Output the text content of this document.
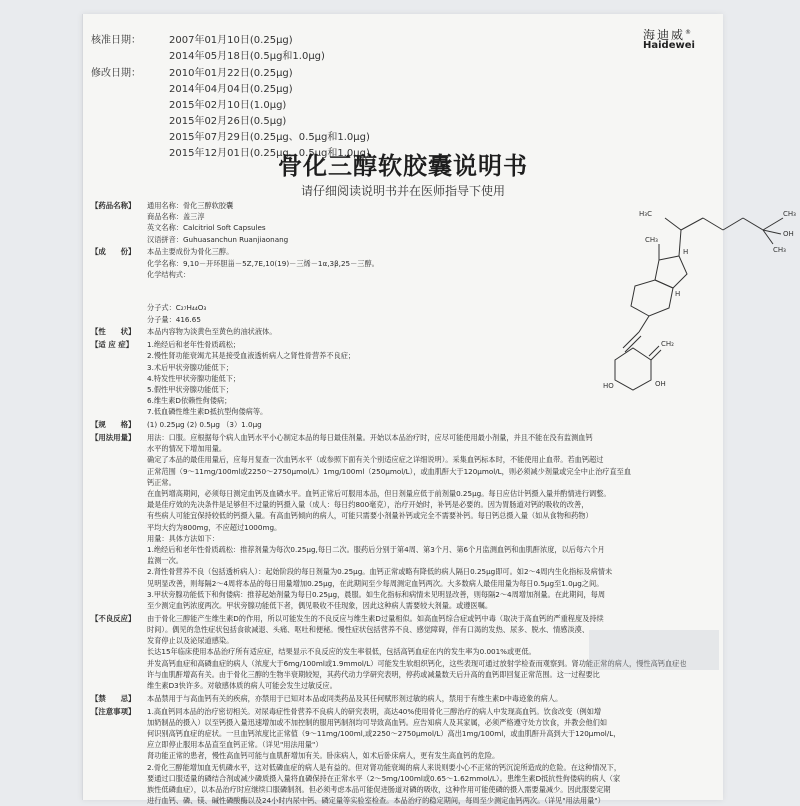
核准日期：	2007年01月10日(0.25μg)
2014年05月18日(0.5μg和1.0μg)
修改日期：	2010年01月22日(0.25μg)
2014年04月04日(0.25μg)
2015年02月10日(1.0μg)
2015年02月26日(0.5μg)
2015年07月29日(0.25μg、0.5μg和1.0μg)
2015年12月01日(0.25μg、0.5μg和1.0μg)
海迪威®
Haidewei
骨化三醇软胶囊说明书
请仔细阅读说明书并在医师指导下使用
【药品名称】	通用名称：骨化三醇软胶囊
商品名称：盖三淳
英文名称：Calcitriol Soft Capsules
汉语拼音：Guhuasanchun Ruanjiaonang
【成　　份】	本品主要成份为骨化三醇。
化学名称：9,10－开环胆甾－5Z,7E,10(19)－三烯－1α,3β,25－三醇。
化学结构式：
分子式：C₂₇H₄₄O₃
分子量：416.65
【性　　状】	本品内容物为淡黄色至黄色的油状液体。
【适 应 症】	1.绝经后和老年性骨质疏松；
2.慢性肾功能衰竭尤其是接受血液透析病人之肾性骨营养不良症；
3.术后甲状旁腺功能低下；
4.特发性甲状旁腺功能低下；
5.假性甲状旁腺功能低下；
6.维生素D依赖性佝偻病；
7.低血磷性维生素D抵抗型佝偻病等。
【规　　格】	(1) 0.25μg (2) 0.5μg （3）1.0μg
【用法用量】	用法：口服。应根据每个病人血钙水平小心制定本品的每日最佳剂量。开始以本品治疗时，应尽可能使用最小剂量，并且不能在没有监测血钙
水平的情况下增加用量。
确定了本品的最佳用量后，应每月复查一次血钙水平（或参照下面有关个别适应症之详细说明）。采集血钙标本时，不能使用止血带。若血钙超过
正常范围（9～11mg/100ml或2250～2750μmol/L）1mg/100ml（250μmol/L），或血肌酐大于120μmol/L，则必须减少剂量或完全中止治疗直至血
钙正常。
在血钙增高期间，必须每日测定血钙及血磷水平。血钙正常后可服用本品，但日剂量应低于前剂量0.25μg。每日应估计钙摄入量并酌情进行调整。
最是佳疗效的先决条件是足够但不过量的钙摄入量（成人：每日约800毫克），治疗开始时，补钙是必要的。因为胃肠道对钙的吸收的改善，
有些病人可能宜保持较低的钙摄入量。有高血钙倾向的病人，可能只需要小剂量补钙或完全不需要补钙。每日钙总摄入量（如从食物和药物）
平均大约为800mg，不应超过1000mg。
用量：具体方法如下：
1.绝经后和老年性骨质疏松：推荐剂量为每次0.25μg,每日二次。服药后分别于第4周、第3个月、第6个月监测血钙和血肌酐浓度，以后每六个月
监测一次。
2.肾性骨营养不良（包括透析病人）：起始阶段的每日剂量为0.25μg。血钙正常或略有降低的病人隔日0.25μg即可。如2～4周内生化指标及病情未
见明显改善，则每隔2～4周将本品的每日用量增加0.25μg，在此期间至少每周测定血钙两次。大多数病人最佳用量为每日0.5μg至1.0μg之间。
3.甲状旁腺功能低下和佝偻病：推荐起始剂量为每日0.25μg，晨服。如生化指标和病情未见明显改善，则每隔2～4周增加剂量。在此期间，每周
至少测定血钙浓度两次。甲状旁腺功能低下者，偶见吸收不佳现象，因此这种病人需要较大剂量。或遵医嘱。
【不良反应】	由于骨化三醇能产生维生素D的作用，所以可能发生的不良反应与维生素D过量相似。如高血钙综合症或钙中毒（取决于高血钙的严重程度及持续
时间）。偶见的急性症状包括食欲减退、头痛、呕吐和便秘。慢性症状包括营养不良、感觉障碍，伴有口渴的发热、尿多、脱水、情感淡漠、
发育停止以及泌尿道感染。
长达15年临床使用本品治疗所有适应症，结果显示不良反应的发生率很低，包括高钙血症在内的发生率为0.001%或更低。
并发高钙血症和高磷血症的病人（浓度大于6mg/100ml或1.9mmol/L）可能发生软组织钙化，这些表现可通过放射学检查而观察到。肾功能正常的病人，慢性高钙血症也
许与血肌酐增高有关。由于骨化三醇的生物半衰期较短，其药代动力学研究表明，停药或减量数天后升高的血钙即回复正常范围。这一过程要比
维生素D3快许多。对敏感体质的病人可能会发生过敏反应。
【禁　　忌】	本品禁用于与高血钙有关的疾病，亦禁用于已知对本品或同类药品及其任何赋形剂过敏的病人，禁用于有维生素D中毒迹象的病人。
【注意事项】	1.高血钙同本品的治疗密切相关。对尿毒症性骨营养不良病人的研究表明，高达40%使用骨化三醇治疗的病人中发现高血钙。饮食改变（例如增
加奶制品的摄入）以至钙摄入量迅速增加或不加控制的服用钙制剂均可导致高血钙。应告知病人及其家属，必须严格遵守处方饮食，并教会他们如
何识别高钙血症的症状。一旦血钙浓度比正常值（9～11mg/100ml,或2250～2750μmol/L）高出1mg/100ml，或血肌酐升高到大于120μmol/L，
应立即停止服用本品直至血钙正常。（详见"用法用量"）
肾功能正常的患者，慢性高血钙可能与血肌酐增加有关。卧床病人，如术后卧床病人，更有发生高血钙的危险。
2.骨化三醇能增加血无机磷水平，这对低磷血症的病人是有益的。但对肾功能衰竭的病人来说则要小心不正常的钙沉淀所造成的危险。在这种情况下，
要通过口服适量的磷结合剂或减少磷质摄入量将血磷保持在正常水平（2～5mg/100ml或0.65～1.62mmol/L）。患维生素D抵抗性佝偻病的病人（家
族性低磷血症），以本品治疗时应继续口服磷制剂。但必须考虑本品可能促进肠道对磷的吸收，这种作用可能使磷的摄入需要量减少。因此服要定期
进行血钙、磷、镁、碱性磷酸酶以及24小时内尿中钙、磷定量等实验室检查。本品治疗的稳定期间，每周至少测定血钙两次。（详见"用法用量"）
H₃C	CH₃
OH
CH₃
CH₃
H
H
CH₂
HO	OH
